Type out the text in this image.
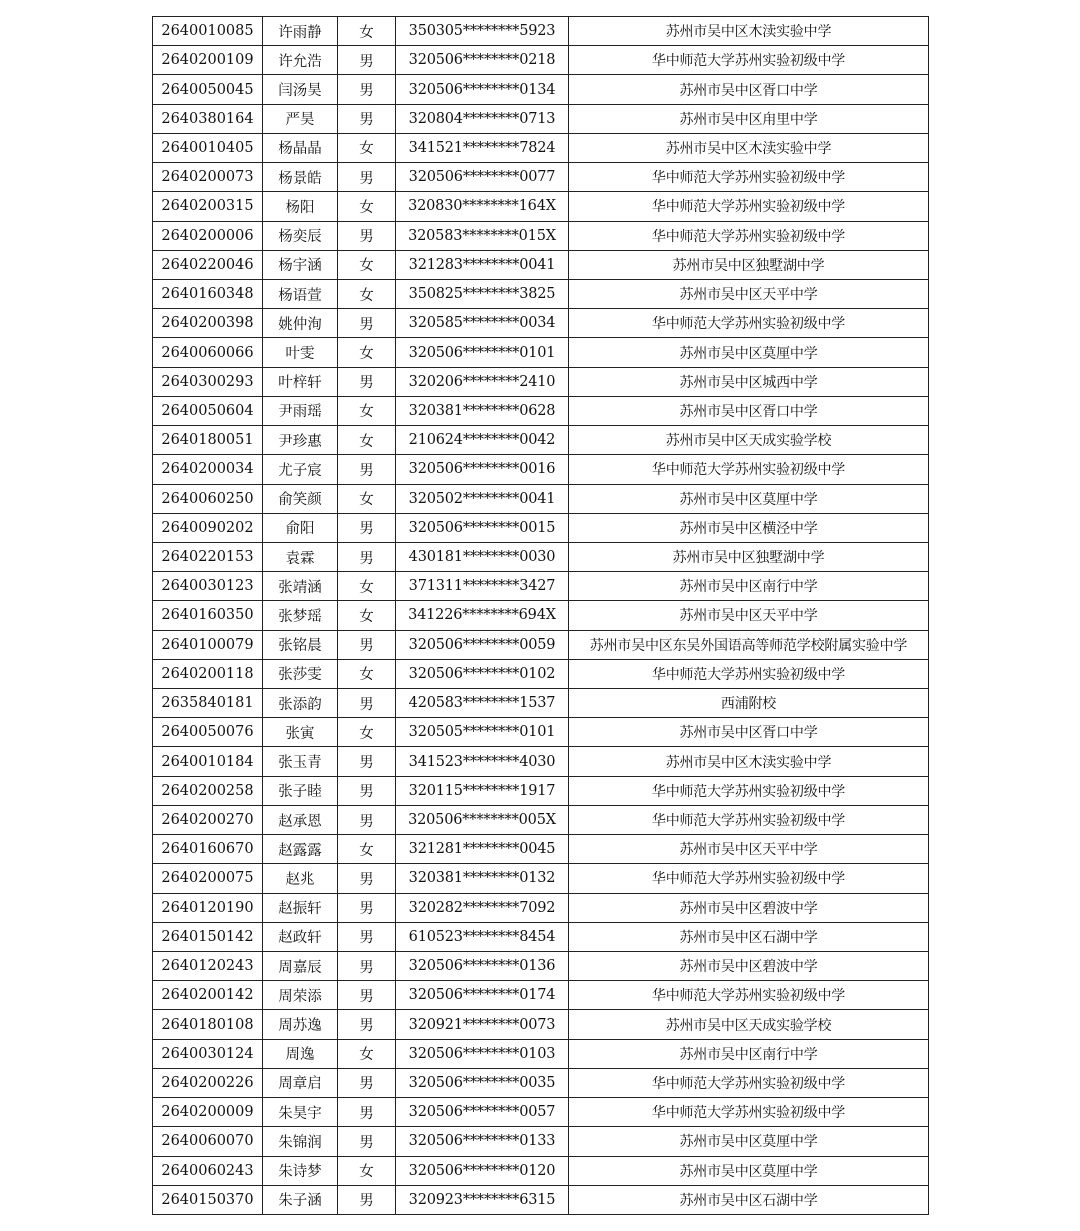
2640010085	许雨静	女	350305********5923	苏州市吴中区木渎实验中学
2640200109	许允浩	男	320506********0218	华中师范大学苏州实验初级中学
2640050045	闫汤昊	男	320506********0134	苏州市吴中区胥口中学
2640380164	严昊	男	320804********0713	苏州市吴中区甪里中学
2640010405	杨晶晶	女	341521********7824	苏州市吴中区木渎实验中学
2640200073	杨景皓	男	320506********0077	华中师范大学苏州实验初级中学
2640200315	杨阳	女	320830********164X	华中师范大学苏州实验初级中学
2640200006	杨奕辰	男	320583********015X	华中师范大学苏州实验初级中学
2640220046	杨宇涵	女	321283********0041	苏州市吴中区独墅湖中学
2640160348	杨语萱	女	350825********3825	苏州市吴中区天平中学
2640200398	姚仲洵	男	320585********0034	华中师范大学苏州实验初级中学
2640060066	叶雯	女	320506********0101	苏州市吴中区莫厘中学
2640300293	叶梓轩	男	320206********2410	苏州市吴中区城西中学
2640050604	尹雨瑶	女	320381********0628	苏州市吴中区胥口中学
2640180051	尹珍惠	女	210624********0042	苏州市吴中区天成实验学校
2640200034	尤子宸	男	320506********0016	华中师范大学苏州实验初级中学
2640060250	俞笑颜	女	320502********0041	苏州市吴中区莫厘中学
2640090202	俞阳	男	320506********0015	苏州市吴中区横泾中学
2640220153	袁霖	男	430181********0030	苏州市吴中区独墅湖中学
2640030123	张靖涵	女	371311********3427	苏州市吴中区南行中学
2640160350	张梦瑶	女	341226********694X	苏州市吴中区天平中学
2640100079	张铭晨	男	320506********0059	苏州市吴中区东吴外国语高等师范学校附属实验中学
2640200118	张莎雯	女	320506********0102	华中师范大学苏州实验初级中学
2635840181	张添韵	男	420583********1537	西浦附校
2640050076	张寅	女	320505********0101	苏州市吴中区胥口中学
2640010184	张玉青	男	341523********4030	苏州市吴中区木渎实验中学
2640200258	张子睦	男	320115********1917	华中师范大学苏州实验初级中学
2640200270	赵承恩	男	320506********005X	华中师范大学苏州实验初级中学
2640160670	赵露露	女	321281********0045	苏州市吴中区天平中学
2640200075	赵兆	男	320381********0132	华中师范大学苏州实验初级中学
2640120190	赵振轩	男	320282********7092	苏州市吴中区碧波中学
2640150142	赵政轩	男	610523********8454	苏州市吴中区石湖中学
2640120243	周嘉辰	男	320506********0136	苏州市吴中区碧波中学
2640200142	周荣添	男	320506********0174	华中师范大学苏州实验初级中学
2640180108	周苏逸	男	320921********0073	苏州市吴中区天成实验学校
2640030124	周逸	女	320506********0103	苏州市吴中区南行中学
2640200226	周章启	男	320506********0035	华中师范大学苏州实验初级中学
2640200009	朱昊宇	男	320506********0057	华中师范大学苏州实验初级中学
2640060070	朱锦润	男	320506********0133	苏州市吴中区莫厘中学
2640060243	朱诗梦	女	320506********0120	苏州市吴中区莫厘中学
2640150370	朱子涵	男	320923********6315	苏州市吴中区石湖中学
